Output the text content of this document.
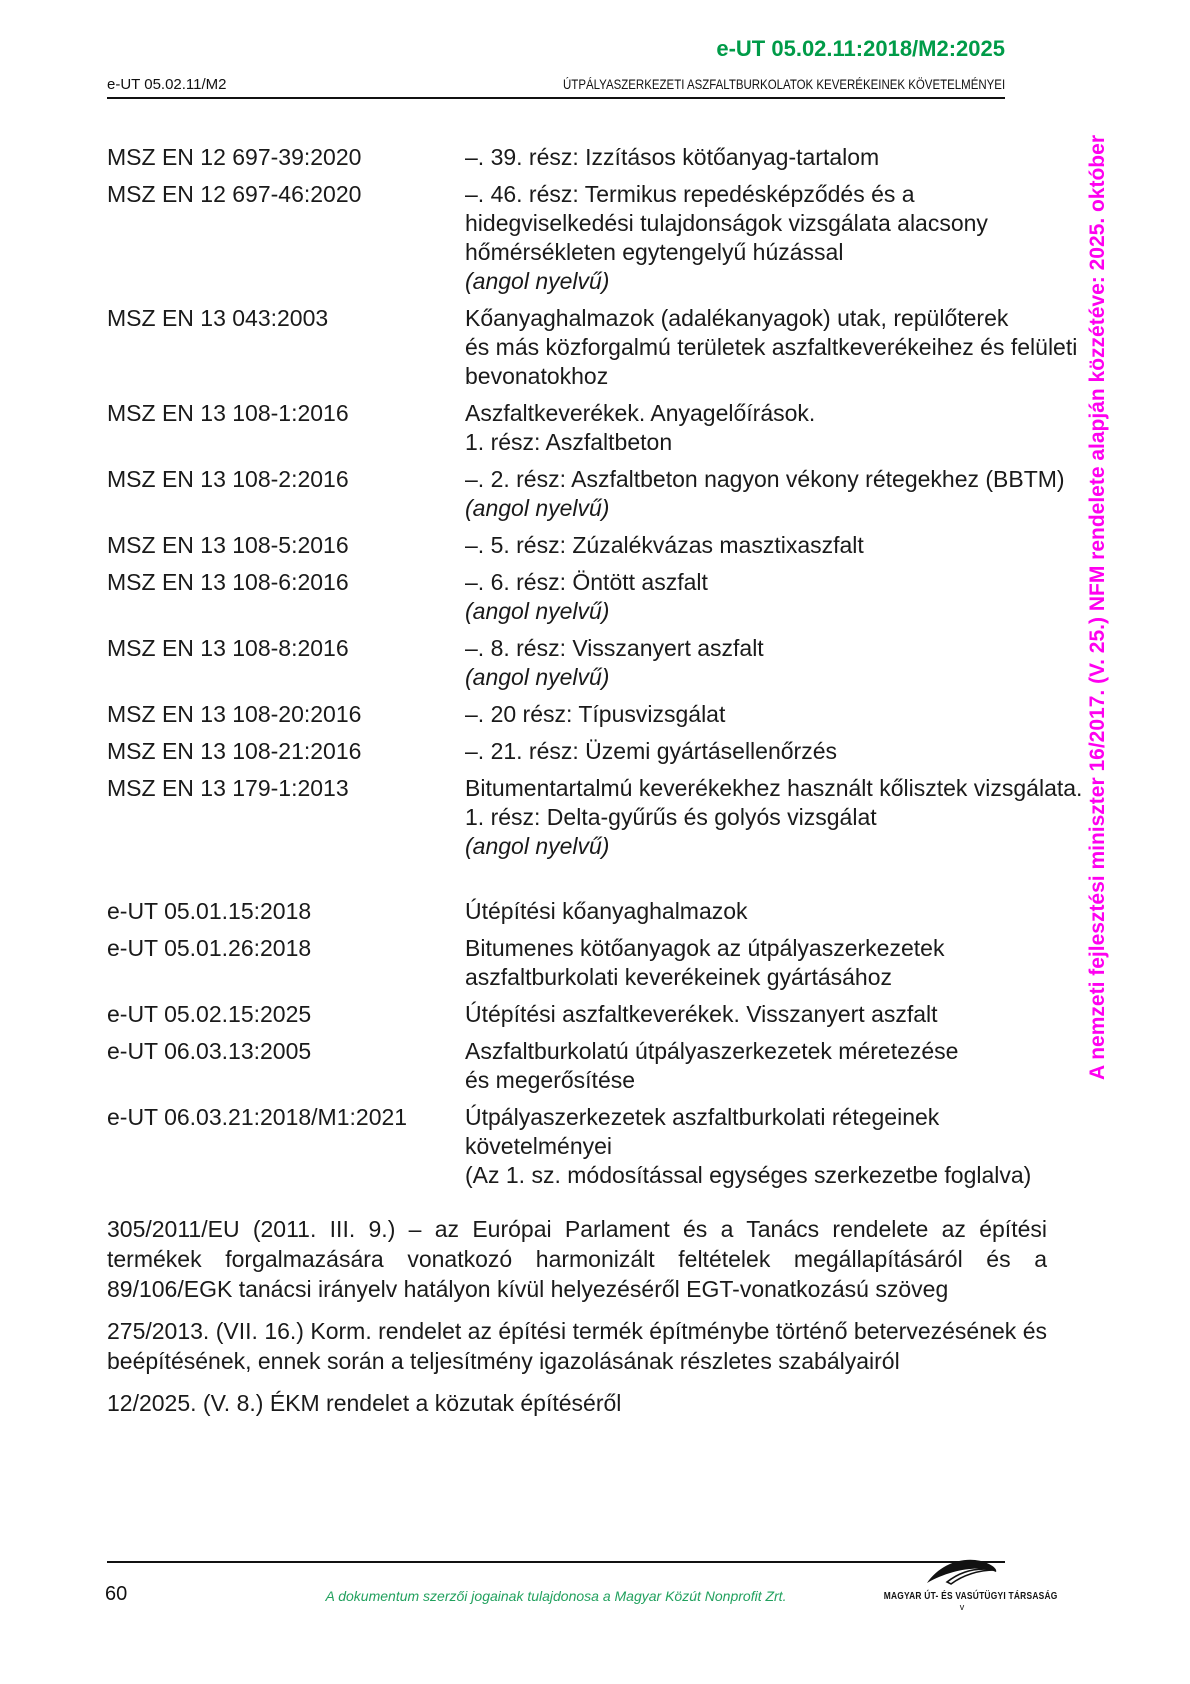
e-UT 05.02.11:2018/M2:2025
e-UT 05.02.11/M2	ÚTPÁLYASZERKEZETI ASZFALTBURKOLATOK KEVERÉKEINEK KÖVETELMÉNYEI
MSZ EN 12 697-39:2020	–. 39. rész: Izzításos kötőanyag-tartalom
MSZ EN 12 697-46:2020	–. 46. rész: Termikus repedésképződés és a
hidegviselkedési tulajdonságok vizsgálata alacsony
hőmérsékleten egytengelyű húzással
(angol nyelvű)
MSZ EN 13 043:2003	Kőanyaghalmazok (adalékanyagok) utak, repülőterek
és más közforgalmú területek aszfaltkeverékeihez és felületi
bevonatokhoz
MSZ EN 13 108-1:2016	Aszfaltkeverékek. Anyagelőírások.
1. rész: Aszfaltbeton
MSZ EN 13 108-2:2016	–. 2. rész: Aszfaltbeton nagyon vékony rétegekhez (BBTM)
(angol nyelvű)
MSZ EN 13 108-5:2016	–. 5. rész: Zúzalékvázas masztixaszfalt
MSZ EN 13 108-6:2016	–. 6. rész: Öntött aszfalt
(angol nyelvű)
MSZ EN 13 108-8:2016	–. 8. rész: Visszanyert aszfalt
(angol nyelvű)
MSZ EN 13 108-20:2016	–. 20 rész: Típusvizsgálat
MSZ EN 13 108-21:2016	–. 21. rész: Üzemi gyártásellenőrzés
MSZ EN 13 179-1:2013	Bitumentartalmú keverékekhez használt kőlisztek vizsgálata.
1. rész: Delta-gyűrűs és golyós vizsgálat
(angol nyelvű)
e-UT 05.01.15:2018	Útépítési kőanyaghalmazok
e-UT 05.01.26:2018	Bitumenes kötőanyagok az útpályaszerkezetek
aszfaltburkolati keverékeinek gyártásához
e-UT 05.02.15:2025	Útépítési aszfaltkeverékek. Visszanyert aszfalt
e-UT 06.03.13:2005	Aszfaltburkolatú útpályaszerkezetek méretezése
és megerősítése
e-UT 06.03.21:2018/M1:2021	Útpályaszerkezetek aszfaltburkolati rétegeinek
követelményei
(Az 1. sz. módosítással egységes szerkezetbe foglalva)

305/2011/EU (2011. III. 9.) – az Európai Parlament és a Tanács rendelete az építési termékek forgalmazására vonatkozó harmonizált feltételek megállapításáról és a 89/106/EGK tanácsi irányelv hatályon kívül helyezéséről EGT-vonatkozású szöveg

275/2013. (VII. 16.) Korm. rendelet az építési termék építménybe történő betervezésének és beépítésének, ennek során a teljesítmény igazolásának részletes szabályairól

12/2025. (V. 8.) ÉKM rendelet a közutak építéséről

A nemzeti fejlesztési miniszter 16/2017. (V. 25.) NFM rendelete alapján közzétéve: 2025. október
60	A dokumentum szerzői jogainak tulajdonosa a Magyar Közút Nonprofit Zrt.	MAGYAR ÚT- ÉS VASÚTÜGYI TÁRSASÁG
v
